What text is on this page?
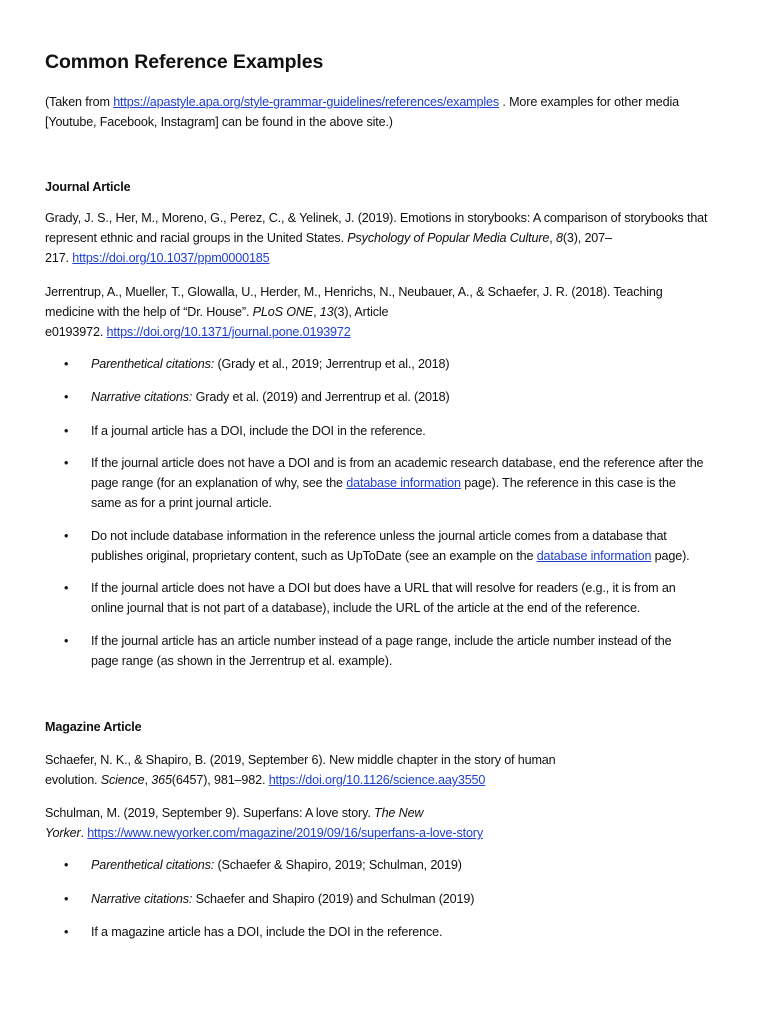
Common Reference Examples
(Taken from https://apastyle.apa.org/style-grammar-guidelines/references/examples . More examples for other media
[Youtube, Facebook, Instagram] can be found in the above site.)
Journal Article
Grady, J. S., Her, M., Moreno, G., Perez, C., & Yelinek, J. (2019). Emotions in storybooks: A comparison of storybooks that
represent ethnic and racial groups in the United States. Psychology of Popular Media Culture, 8(3), 207–
217. https://doi.org/10.1037/ppm0000185
Jerrentrup, A., Mueller, T., Glowalla, U., Herder, M., Henrichs, N., Neubauer, A., & Schaefer, J. R. (2018). Teaching
medicine with the help of “Dr. House”. PLoS ONE, 13(3), Article
e0193972. https://doi.org/10.1371/journal.pone.0193972
• Parenthetical citations: (Grady et al., 2019; Jerrentrup et al., 2018)
• Narrative citations: Grady et al. (2019) and Jerrentrup et al. (2018)
• If a journal article has a DOI, include the DOI in the reference.
• If the journal article does not have a DOI and is from an academic research database, end the reference after the
page range (for an explanation of why, see the database information page). The reference in this case is the
same as for a print journal article.
• Do not include database information in the reference unless the journal article comes from a database that
publishes original, proprietary content, such as UpToDate (see an example on the database information page).
• If the journal article does not have a DOI but does have a URL that will resolve for readers (e.g., it is from an
online journal that is not part of a database), include the URL of the article at the end of the reference.
• If the journal article has an article number instead of a page range, include the article number instead of the
page range (as shown in the Jerrentrup et al. example).
Magazine Article
Schaefer, N. K., & Shapiro, B. (2019, September 6). New middle chapter in the story of human
evolution. Science, 365(6457), 981–982. https://doi.org/10.1126/science.aay3550
Schulman, M. (2019, September 9). Superfans: A love story. The New
Yorker. https://www.newyorker.com/magazine/2019/09/16/superfans-a-love-story
• Parenthetical citations: (Schaefer & Shapiro, 2019; Schulman, 2019)
• Narrative citations: Schaefer and Shapiro (2019) and Schulman (2019)
• If a magazine article has a DOI, include the DOI in the reference.
